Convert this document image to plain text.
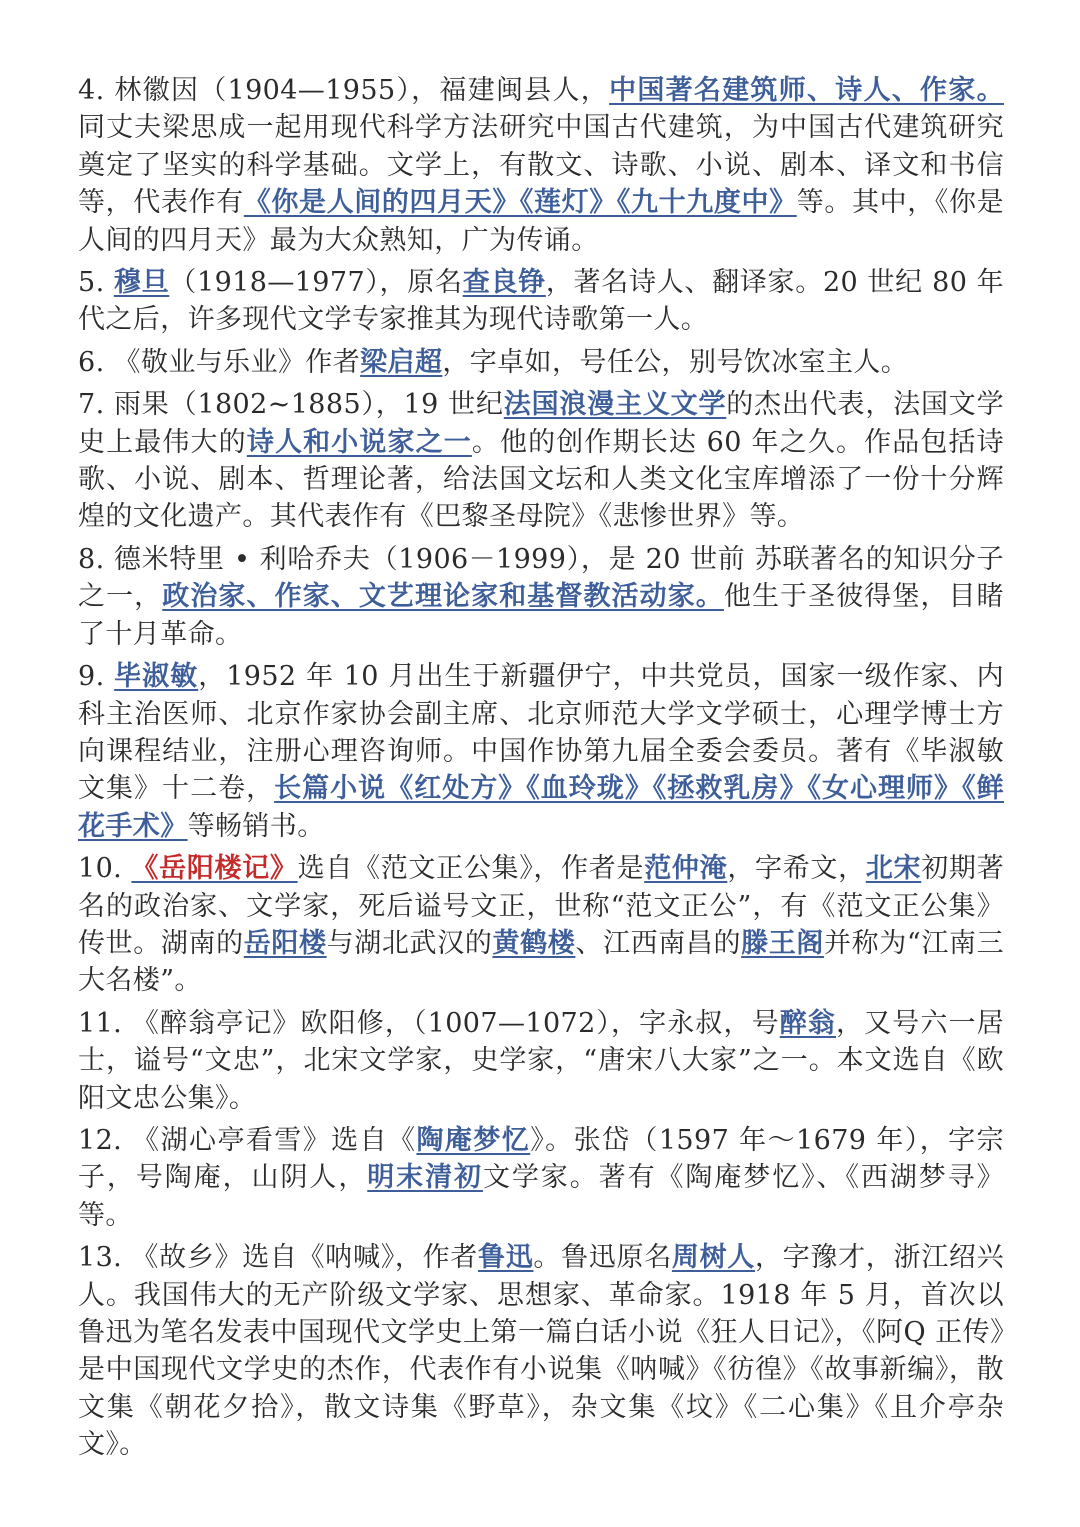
4. 林徽因（1904—1955），福建闽县人，中国著名建筑师、诗人、作家。同丈夫梁思成一起用现代科学方法研究中国古代建筑，为中国古代建筑研究奠定了坚实的科学基础。文学上，有散文、诗歌、小说、剧本、译文和书信等，代表作有《你是人间的四月天》《莲灯》《九十九度中》等。其中，《你是人间的四月天》最为大众熟知，广为传诵。

5. 穆旦（1918—1977），原名查良铮，著名诗人、翻译家。20 世纪 80 年代之后，许多现代文学专家推其为现代诗歌第一人。

6. 《敬业与乐业》作者梁启超，字卓如，号任公，别号饮冰室主人。

7. 雨果（1802~1885），19 世纪法国浪漫主义文学的杰出代表，法国文学史上最伟大的诗人和小说家之一。他的创作期长达 60 年之久。作品包括诗歌、小说、剧本、哲理论著，给法国文坛和人类文化宝库增添了一份十分辉煌的文化遗产。其代表作有《巴黎圣母院》《悲惨世界》等。

8. 德米特里 • 利哈乔夫（1906－1999），是 20 世前 苏联著名的知识分子之一，政治家、作家、文艺理论家和基督教活动家。他生于圣彼得堡，目睹了十月革命。

9. 毕淑敏，1952 年 10 月出生于新疆伊宁，中共党员，国家一级作家、内科主治医师、北京作家协会副主席、北京师范大学文学硕士，心理学博士方向课程结业，注册心理咨询师。中国作协第九届全委会委员。著有《毕淑敏文集》十二卷，长篇小说《红处方》《血玲珑》《拯救乳房》《女心理师》《鲜花手术》等畅销书。

10. 《岳阳楼记》选自《范文正公集》，作者是范仲淹，字希文，北宋初期著名的政治家、文学家，死后谥号文正，世称“范文正公”，有《范文正公集》传世。湖南的岳阳楼与湖北武汉的黄鹤楼、江西南昌的滕王阁并称为“江南三大名楼”。

11. 《醉翁亭记》欧阳修，（1007—1072），字永叔，号醉翁，又号六一居士，谥号“文忠”，北宋文学家，史学家，“唐宋八大家”之一。本文选自《欧阳文忠公集》。

12. 《湖心亭看雪》选自《陶庵梦忆》。张岱（1597 年～1679 年），字宗子，号陶庵，山阴人，明末清初文学家。著有《陶庵梦忆》、《西湖梦寻》等。

13. 《故乡》选自《呐喊》，作者鲁迅。鲁迅原名周树人，字豫才，浙江绍兴人。我国伟大的无产阶级文学家、思想家、革命家。1918 年 5 月，首次以鲁迅为笔名发表中国现代文学史上第一篇白话小说《狂人日记》，《阿Q 正传》是中国现代文学史的杰作，代表作有小说集《呐喊》《彷徨》《故事新编》，散文集《朝花夕拾》，散文诗集《野草》，杂文集《坟》《二心集》《且介亭杂文》。
